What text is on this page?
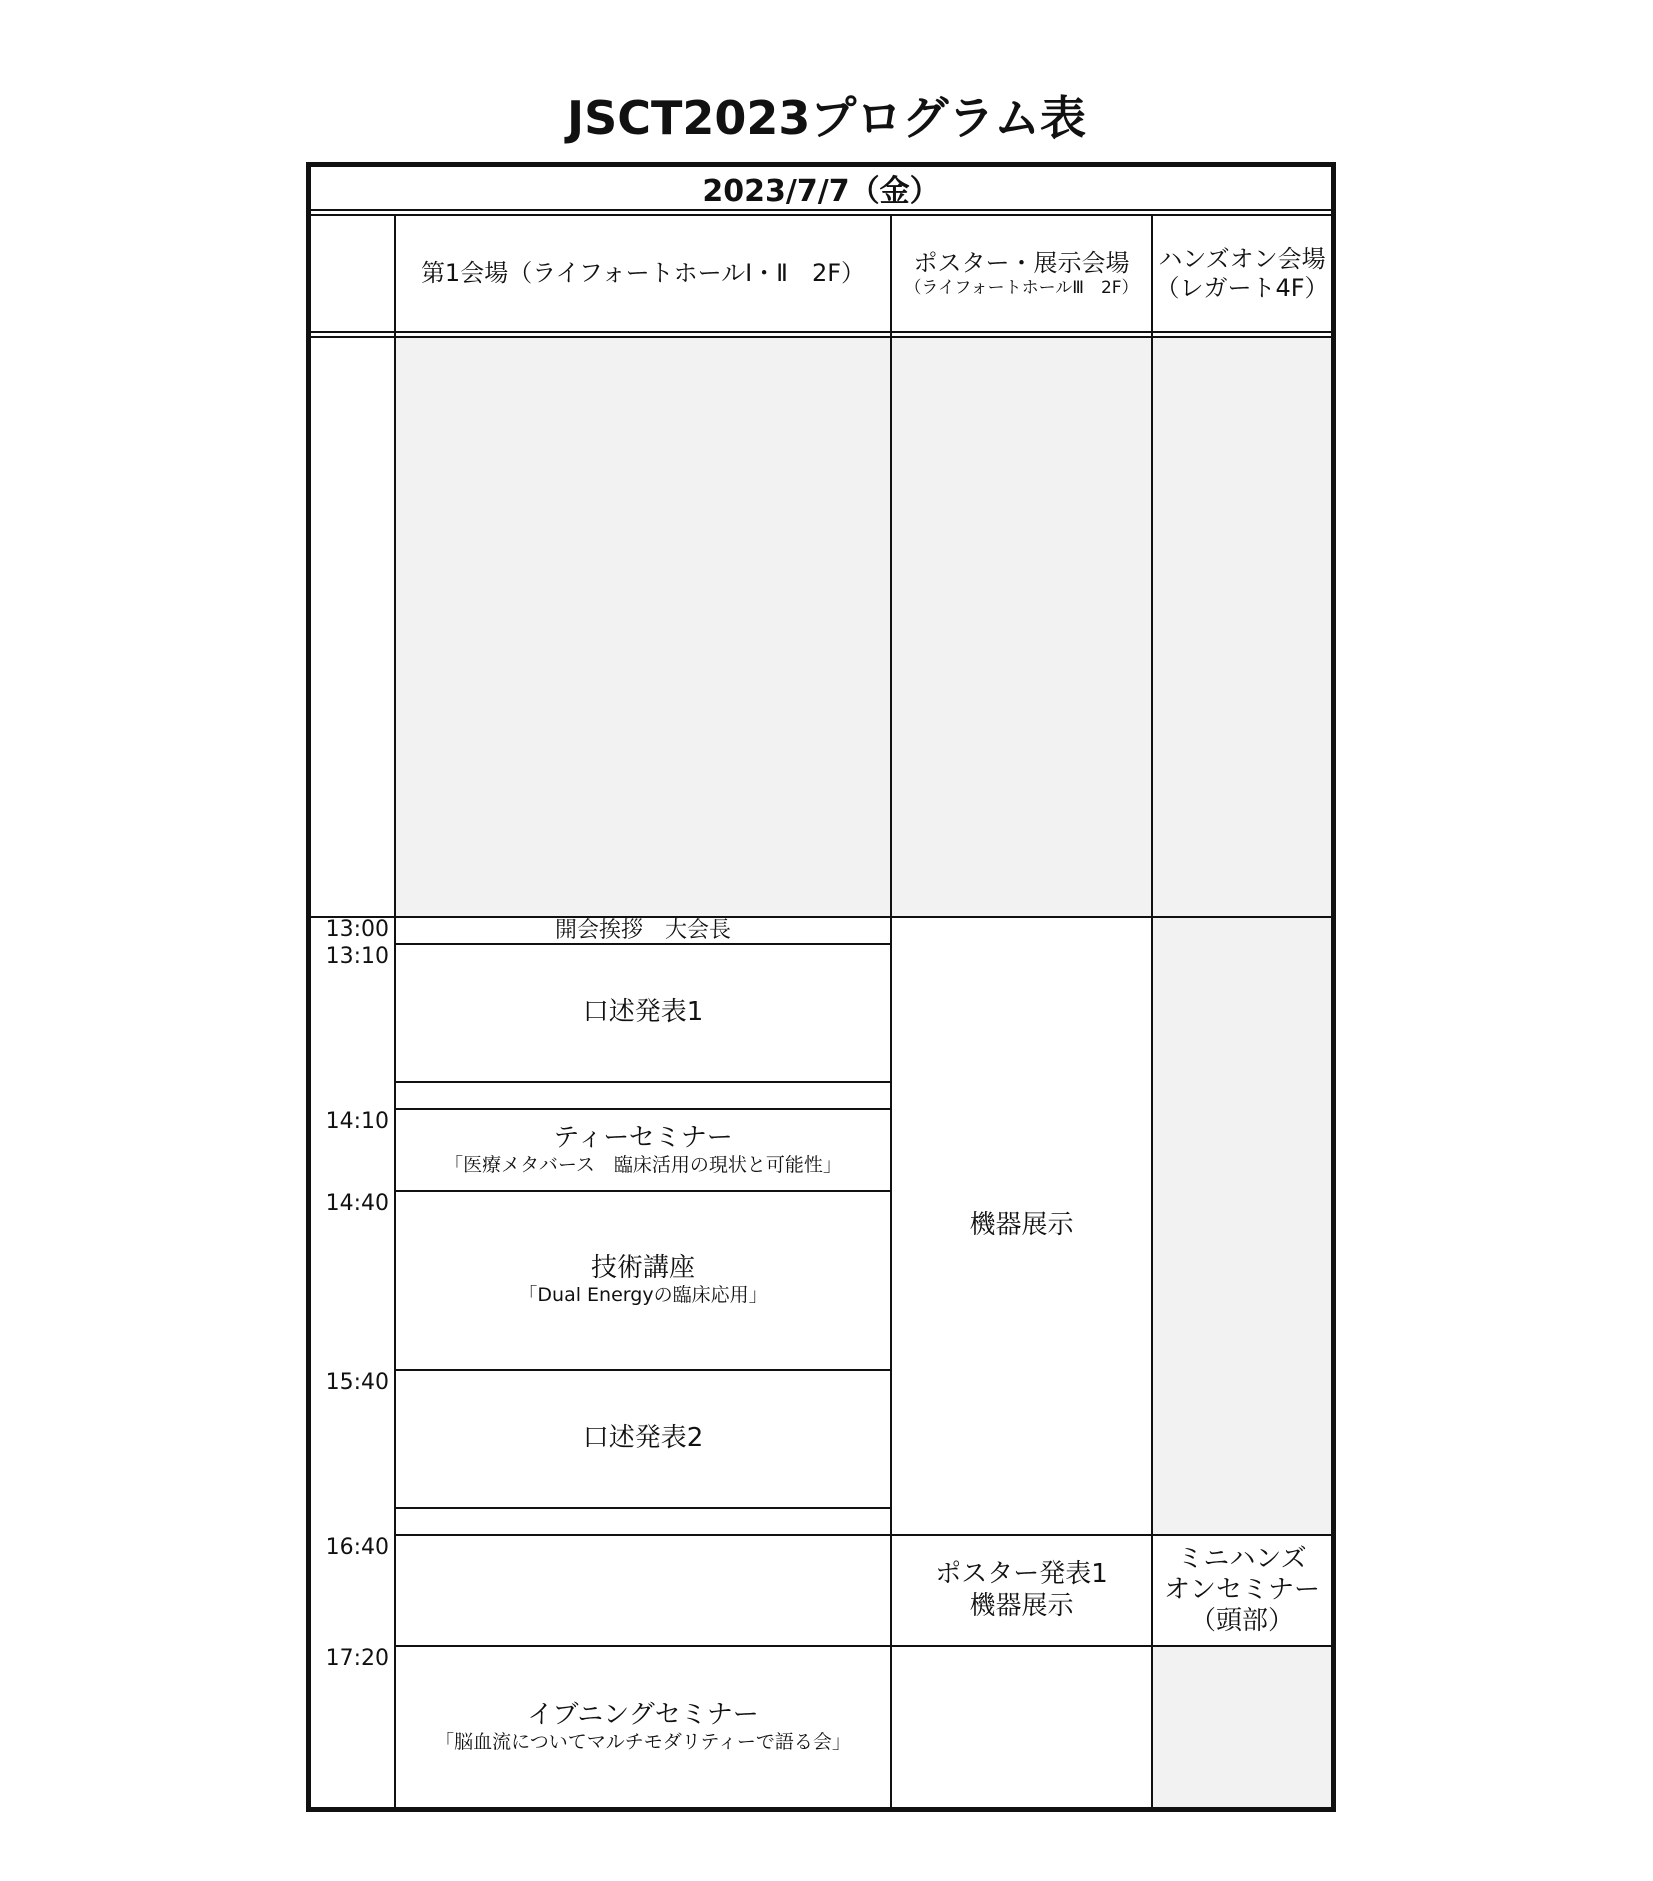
JSCT2023プログラム表
2023/7/7（金）
第1会場（ライフォートホールⅠ・Ⅱ　2F） ポスター・展示会場
（ライフォートホールⅢ　2F）
ハンズオン会場
（レガート4F）
開会挨拶　大会長
口述発表1
ティーセミナー
「医療メタバース　臨床活用の現状と可能性」
技術講座
「Dual Energyの臨床応用」
口述発表2
イブニングセミナー
「脳血流についてマルチモダリティーで語る会」
機器展示
ポスター発表1
機器展示
ミニハンズ
オンセミナー
（頭部）
13:00
13:10
14:10
14:40
15:40
16:40
17:20
